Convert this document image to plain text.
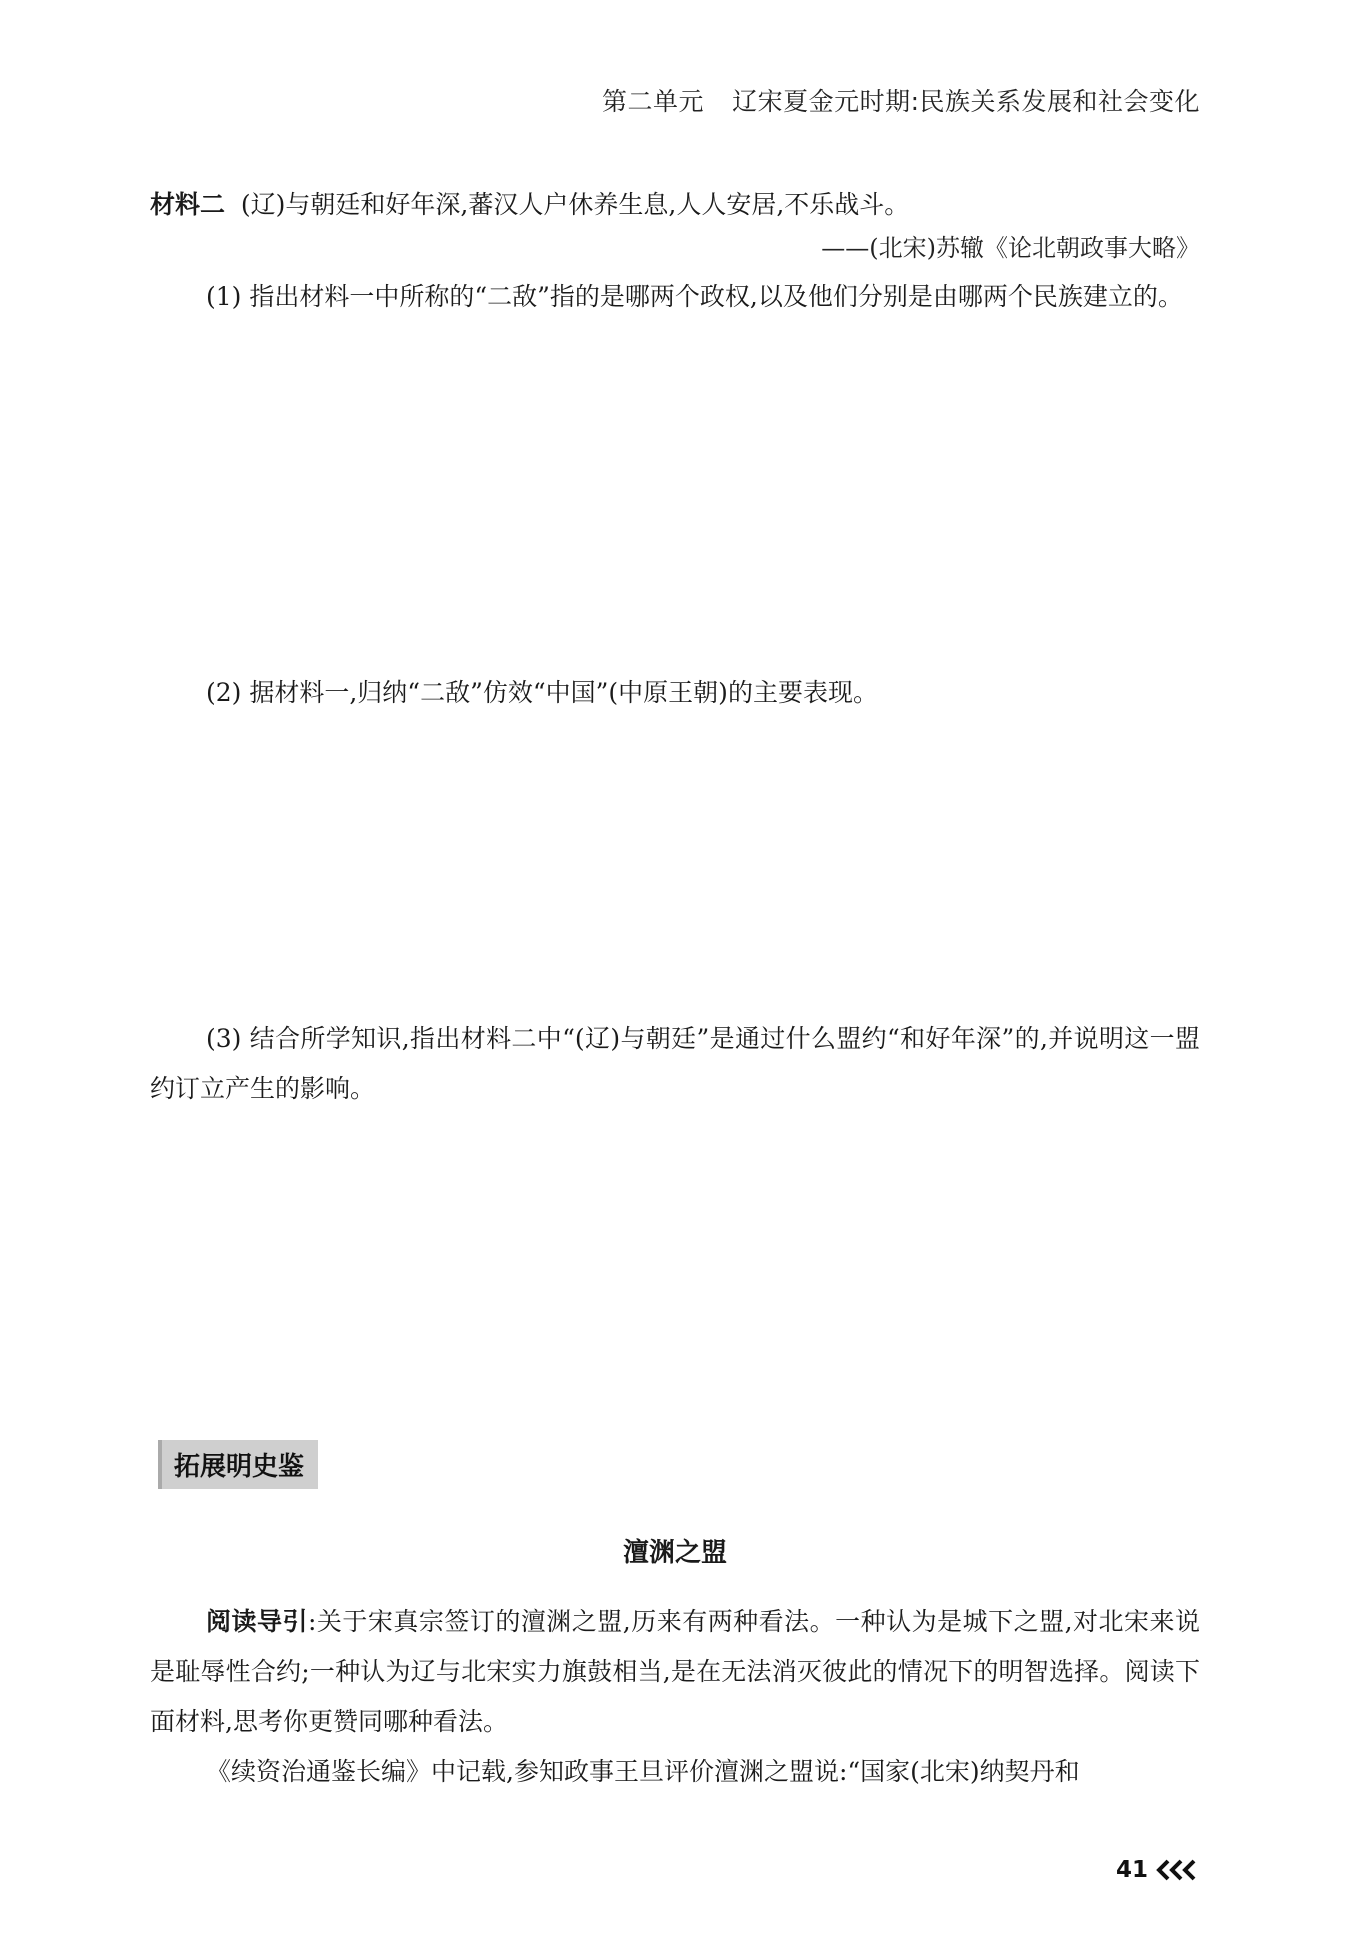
第二单元 辽宋夏金元时期:民族关系发展和社会变化
材料二 (辽)与朝廷和好年深,蕃汉人户休养生息,人人安居,不乐战斗。
——(北宋)苏辙《论北朝政事大略》
(1) 指出材料一中所称的“二敌”指的是哪两个政权,以及他们分别是由哪两个民族建立的。
(2) 据材料一,归纳“二敌”仿效“中国”(中原王朝)的主要表现。
(3) 结合所学知识,指出材料二中“(辽)与朝廷”是通过什么盟约“和好年深”的,并说明这一盟约订立产生的影响。
拓展明史鉴
澶渊之盟
阅读导引:关于宋真宗签订的澶渊之盟,历来有两种看法。一种认为是城下之盟,对北宋来说是耻辱性合约;一种认为辽与北宋实力旗鼓相当,是在无法消灭彼此的情况下的明智选择。阅读下面材料,思考你更赞同哪种看法。
《续资治通鉴长编》中记载,参知政事王旦评价澶渊之盟说:“国家(北宋)纳契丹和
41
